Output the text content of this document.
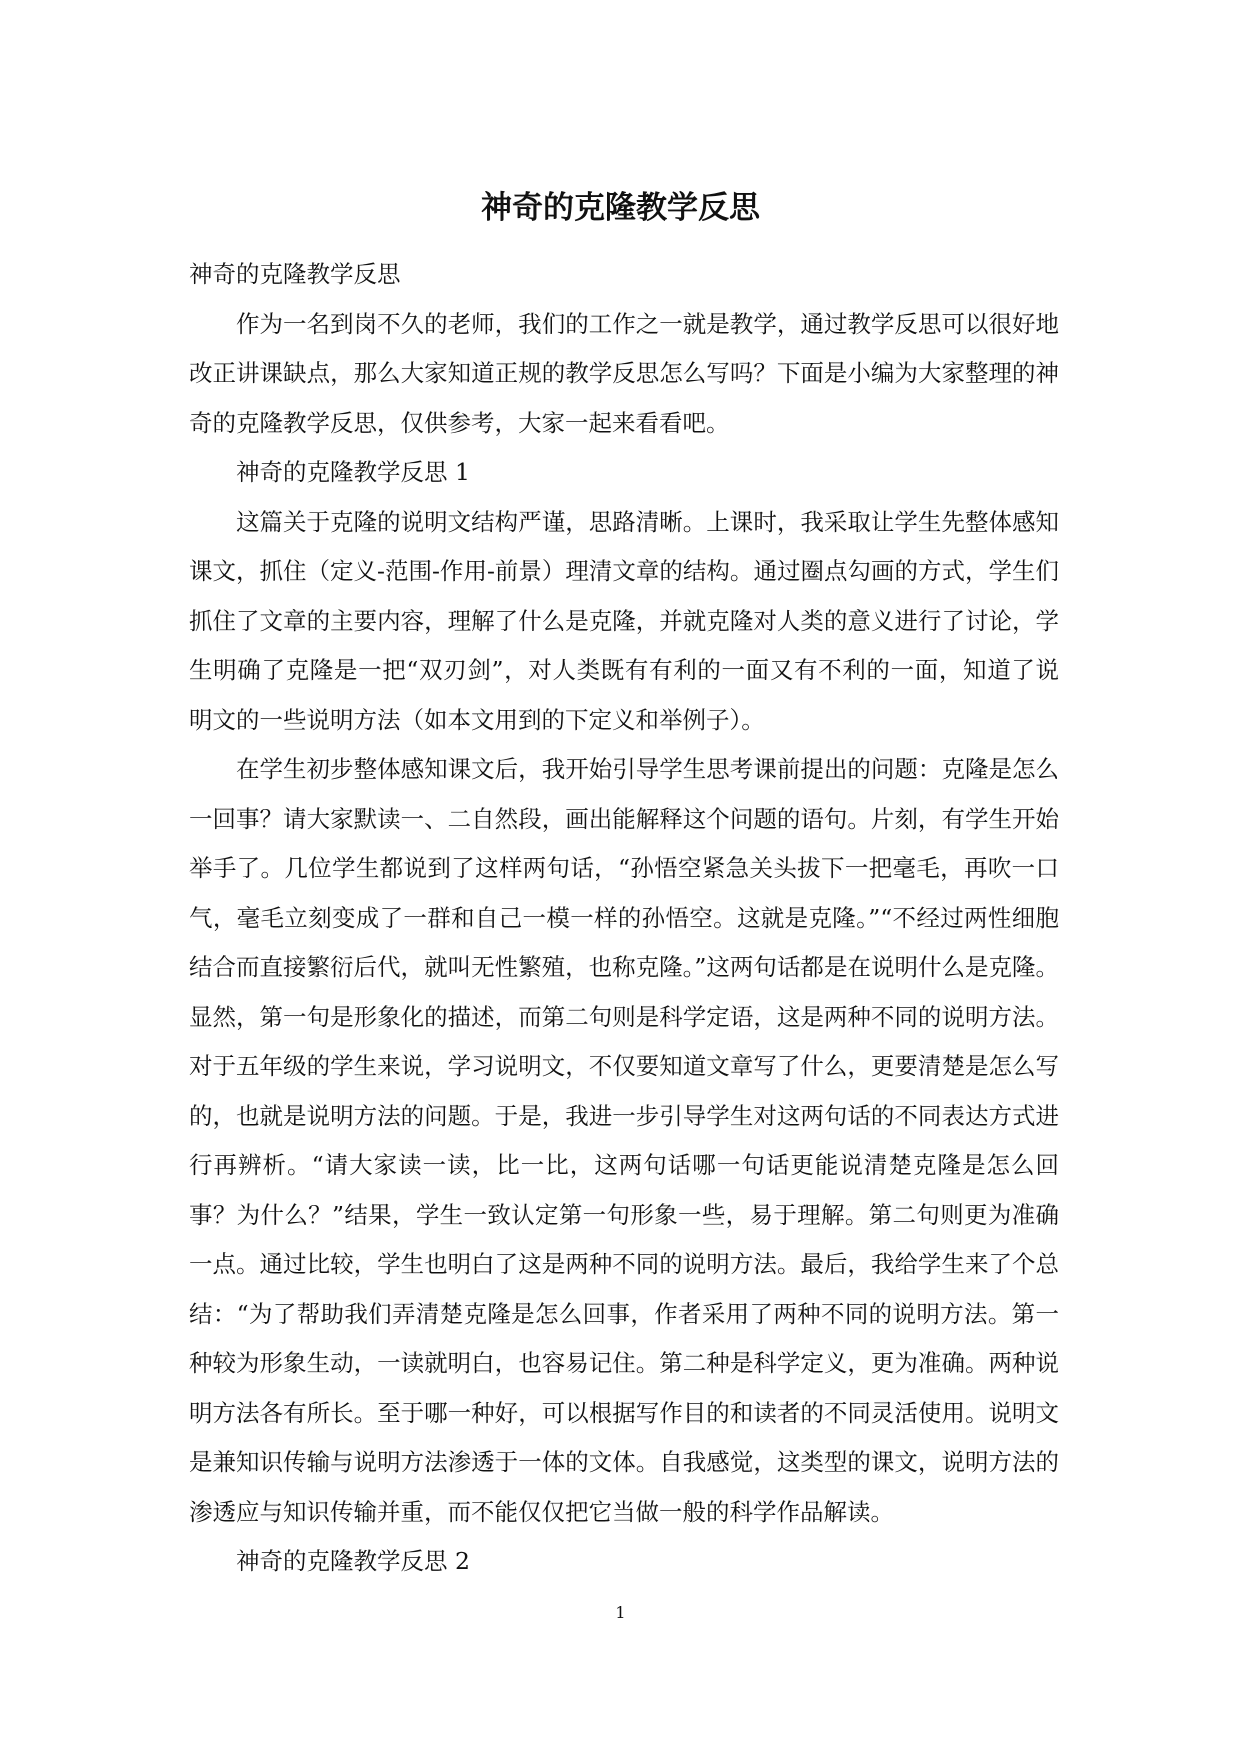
神奇的克隆教学反思

神奇的克隆教学反思

作为一名到岗不久的老师，我们的工作之一就是教学，通过教学反思可以很好地改正讲课缺点，那么大家知道正规的教学反思怎么写吗？下面是小编为大家整理的神奇的克隆教学反思，仅供参考，大家一起来看看吧。

神奇的克隆教学反思 1

这篇关于克隆的说明文结构严谨，思路清晰。上课时，我采取让学生先整体感知课文，抓住（定义-范围-作用-前景）理清文章的结构。通过圈点勾画的方式，学生们抓住了文章的主要内容，理解了什么是克隆，并就克隆对人类的意义进行了讨论，学生明确了克隆是一把“双刃剑”，对人类既有有利的一面又有不利的一面，知道了说明文的一些说明方法（如本文用到的下定义和举例子）。

在学生初步整体感知课文后，我开始引导学生思考课前提出的问题：克隆是怎么一回事？请大家默读一、二自然段，画出能解释这个问题的语句。片刻，有学生开始举手了。几位学生都说到了这样两句话，“孙悟空紧急关头拔下一把毫毛，再吹一口气，毫毛立刻变成了一群和自己一模一样的孙悟空。这就是克隆。”“不经过两性细胞结合而直接繁衍后代，就叫无性繁殖，也称克隆。”这两句话都是在说明什么是克隆。显然，第一句是形象化的描述，而第二句则是科学定语，这是两种不同的说明方法。对于五年级的学生来说，学习说明文，不仅要知道文章写了什么，更要清楚是怎么写的，也就是说明方法的问题。于是，我进一步引导学生对这两句话的不同表达方式进行再辨析。“请大家读一读，比一比，这两句话哪一句话更能说清楚克隆是怎么回事？为什么？”结果，学生一致认定第一句形象一些，易于理解。第二句则更为准确一点。通过比较，学生也明白了这是两种不同的说明方法。最后，我给学生来了个总结：“为了帮助我们弄清楚克隆是怎么回事，作者采用了两种不同的说明方法。第一种较为形象生动，一读就明白，也容易记住。第二种是科学定义，更为准确。两种说明方法各有所长。至于哪一种好，可以根据写作目的和读者的不同灵活使用。说明文是兼知识传输与说明方法渗透于一体的文体。自我感觉，这类型的课文，说明方法的渗透应与知识传输并重，而不能仅仅把它当做一般的科学作品解读。

神奇的克隆教学反思 2

1
